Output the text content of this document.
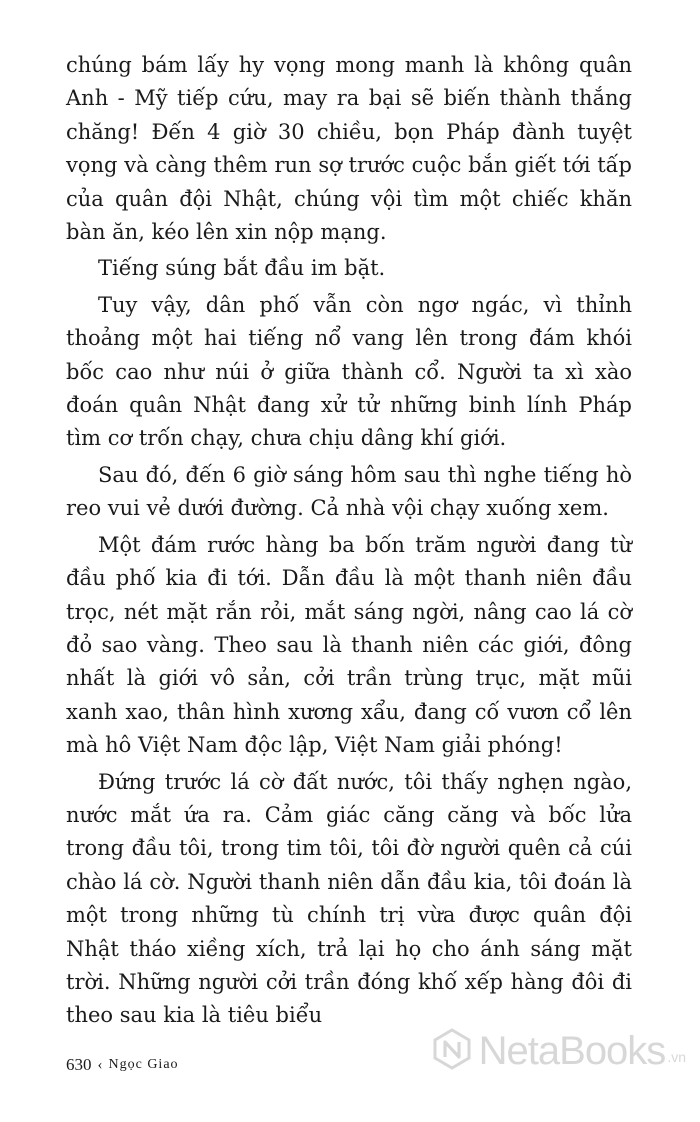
chúng bám lấy hy vọng mong manh là không quân Anh - Mỹ tiếp cứu, may ra bại sẽ biến thành thắng chăng! Đến 4 giờ 30 chiều, bọn Pháp đành tuyệt vọng và càng thêm run sợ trước cuộc bắn giết tới tấp của quân đội Nhật, chúng vội tìm một chiếc khăn bàn ăn, kéo lên xin nộp mạng.

Tiếng súng bắt đầu im bặt.

Tuy vậy, dân phố vẫn còn ngơ ngác, vì thỉnh thoảng một hai tiếng nổ vang lên trong đám khói bốc cao như núi ở giữa thành cổ. Người ta xì xào đoán quân Nhật đang xử tử những binh lính Pháp tìm cơ trốn chạy, chưa chịu dâng khí giới.

Sau đó, đến 6 giờ sáng hôm sau thì nghe tiếng hò reo vui vẻ dưới đường. Cả nhà vội chạy xuống xem.

Một đám rước hàng ba bốn trăm người đang từ đầu phố kia đi tới. Dẫn đầu là một thanh niên đầu trọc, nét mặt rắn rỏi, mắt sáng ngời, nâng cao lá cờ đỏ sao vàng. Theo sau là thanh niên các giới, đông nhất là giới vô sản, cởi trần trùng trục, mặt mũi xanh xao, thân hình xương xẩu, đang cố vươn cổ lên mà hô Việt Nam độc lập, Việt Nam giải phóng!

Đứng trước lá cờ đất nước, tôi thấy nghẹn ngào, nước mắt ứa ra. Cảm giác căng căng và bốc lửa trong đầu tôi, trong tim tôi, tôi đờ người quên cả cúi chào lá cờ. Người thanh niên dẫn đầu kia, tôi đoán là một trong những tù chính trị vừa được quân đội Nhật tháo xiềng xích, trả lại họ cho ánh sáng mặt trời. Những người cởi trần đóng khố xếp hàng đôi đi theo sau kia là tiêu biểu

630 ‹ Ngọc Giao	NetaBooks .vn
